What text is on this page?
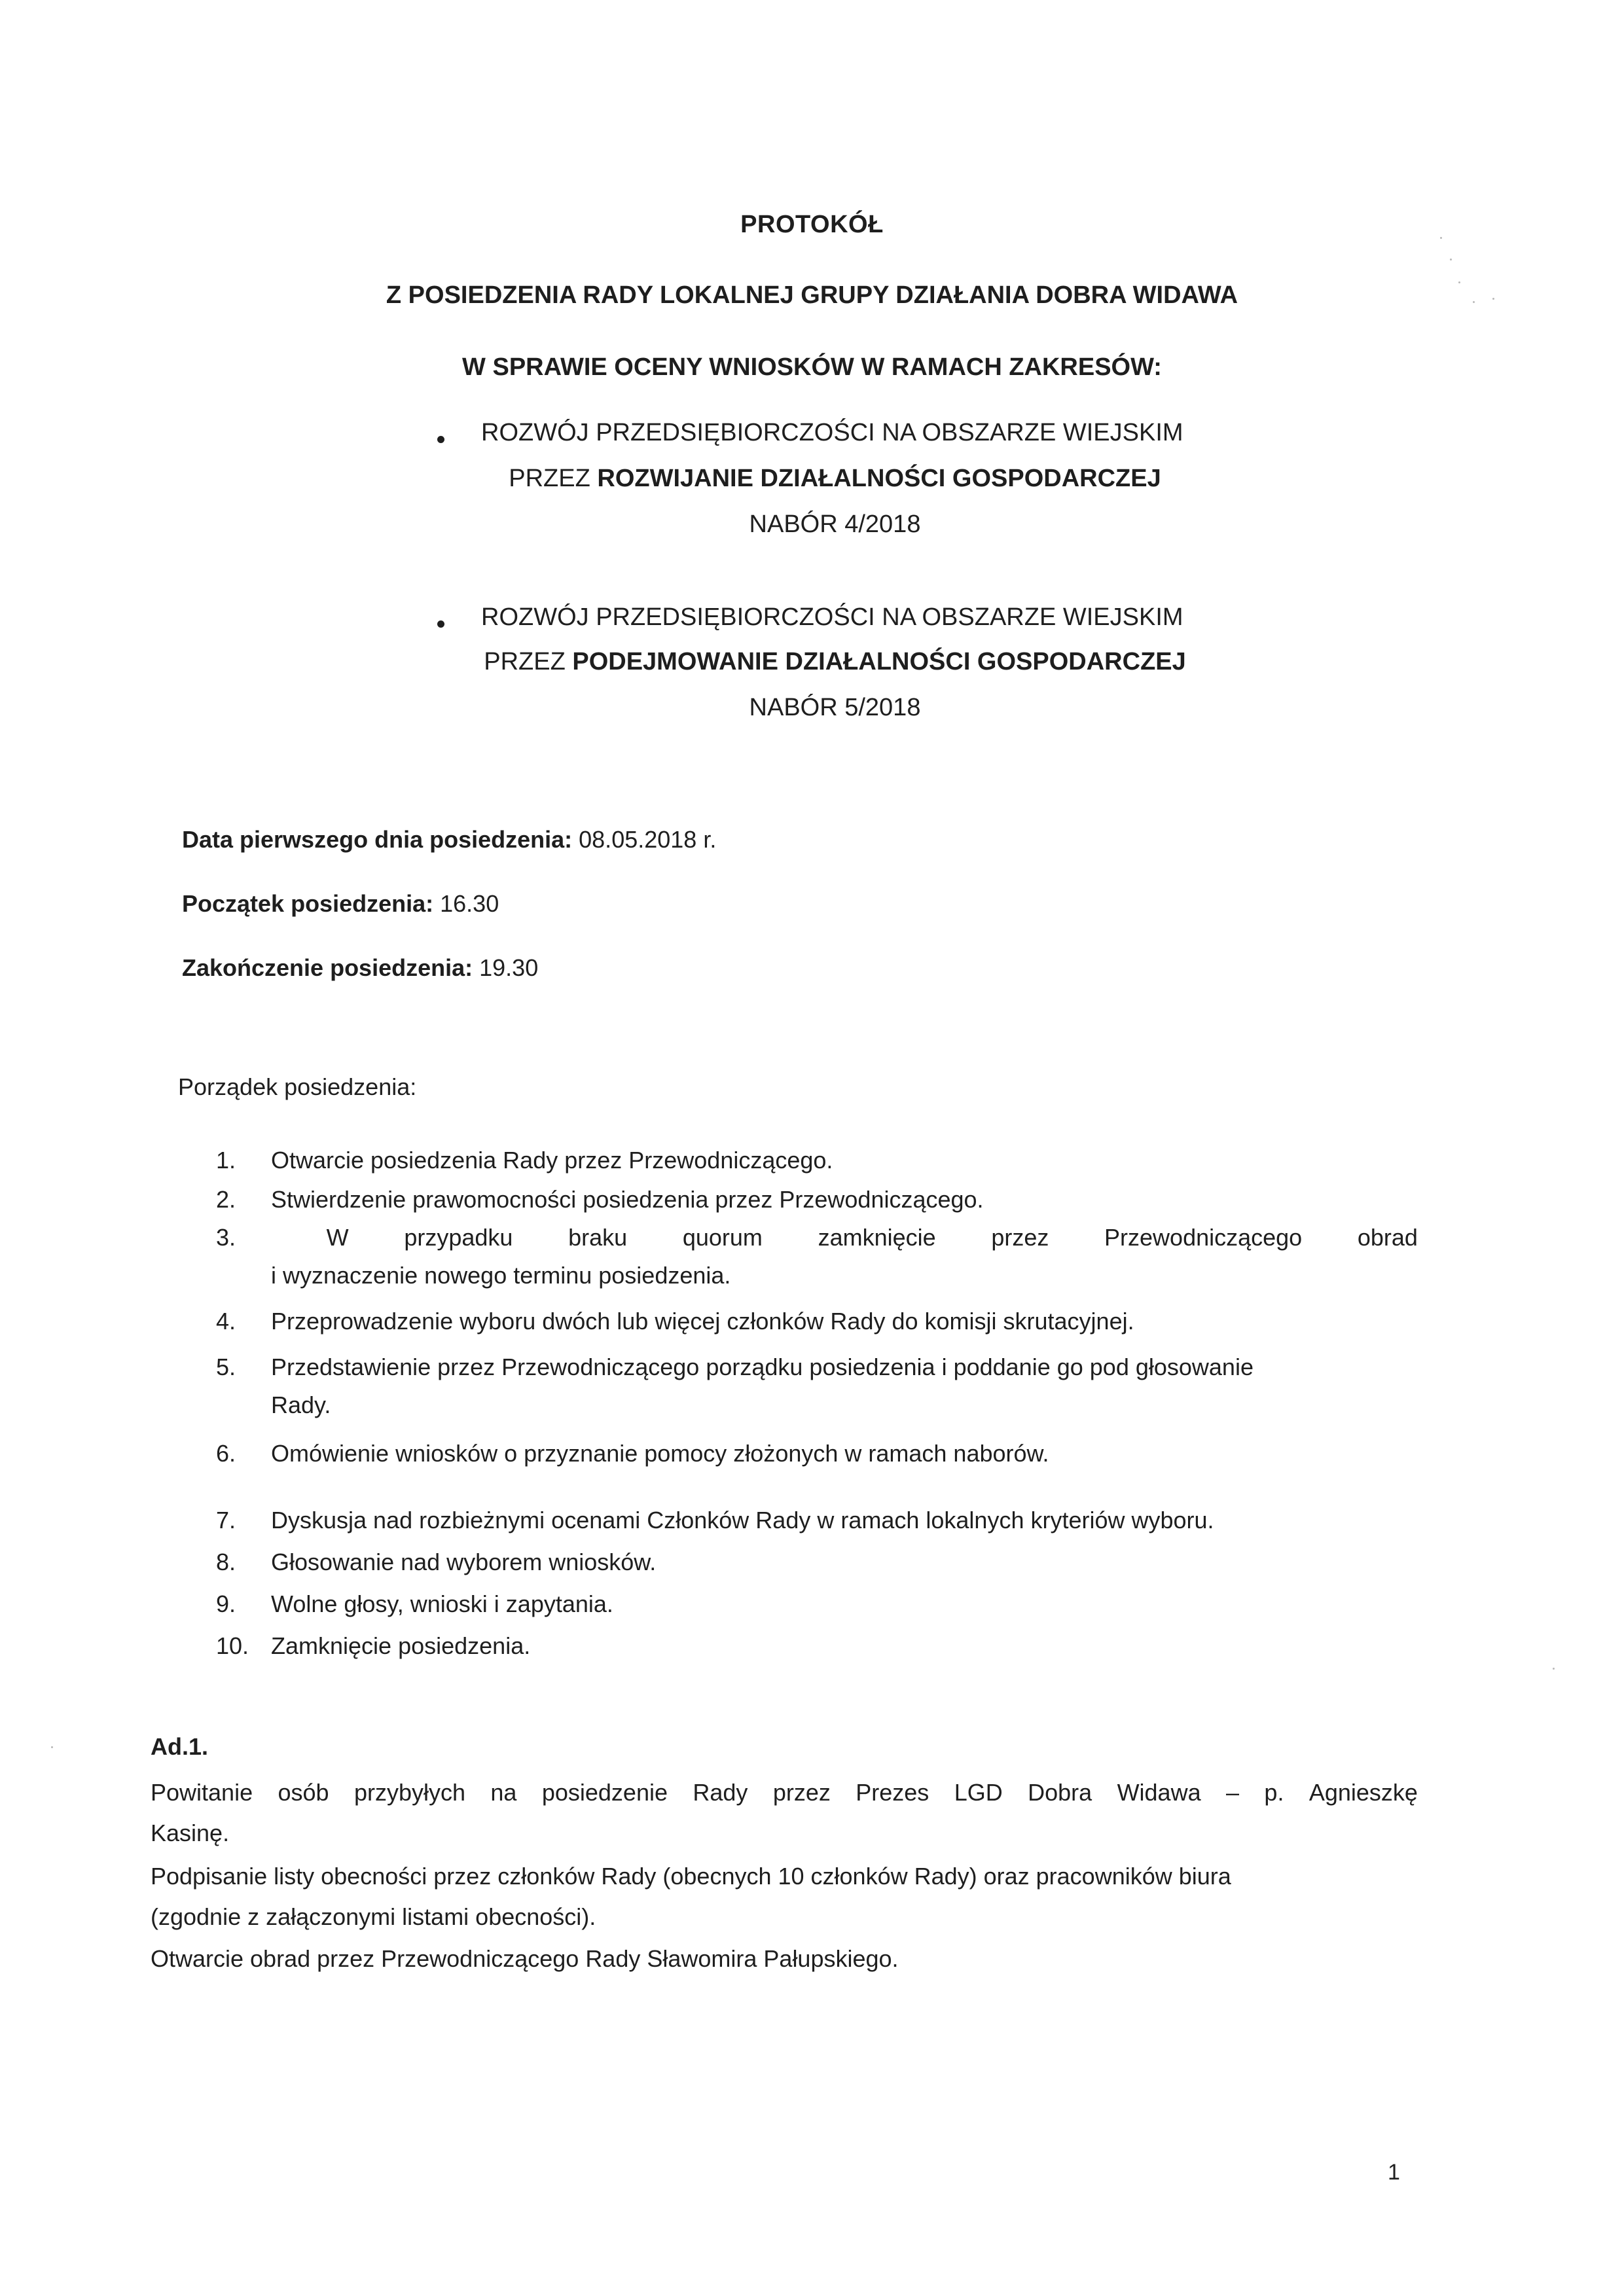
PROTOKÓŁ
Z POSIEDZENIA RADY LOKALNEJ GRUPY DZIAŁANIA DOBRA WIDAWA
W SPRAWIE OCENY WNIOSKÓW W RAMACH ZAKRESÓW:
ROZWÓJ PRZEDSIĘBIORCZOŚCI NA OBSZARZE WIEJSKIM
PRZEZ ROZWIJANIE DZIAŁALNOŚCI GOSPODARCZEJ
NABÓR 4/2018
ROZWÓJ PRZEDSIĘBIORCZOŚCI NA OBSZARZE WIEJSKIM
PRZEZ PODEJMOWANIE DZIAŁALNOŚCI GOSPODARCZEJ
NABÓR 5/2018
Data pierwszego dnia posiedzenia: 08.05.2018 r.
Początek posiedzenia: 16.30
Zakończenie posiedzenia: 19.30
Porządek posiedzenia:
1. Otwarcie posiedzenia Rady przez Przewodniczącego.
2. Stwierdzenie prawomocności posiedzenia przez Przewodniczącego.
3.	W przypadku braku quorum zamknięcie przez Przewodniczącego obrad
i wyznaczenie nowego terminu posiedzenia.
4. Przeprowadzenie wyboru dwóch lub więcej członków Rady do komisji skrutacyjnej.
5. Przedstawienie przez Przewodniczącego porządku posiedzenia i poddanie go pod głosowanie
Rady.
6. Omówienie wniosków o przyznanie pomocy złożonych w ramach naborów.
7. Dyskusja nad rozbieżnymi ocenami Członków Rady w ramach lokalnych kryteriów wyboru.
8. Głosowanie nad wyborem wniosków.
9. Wolne głosy, wnioski i zapytania.
10. Zamknięcie posiedzenia.
Ad.1.
Powitanie osób przybyłych na posiedzenie Rady przez Prezes LGD Dobra Widawa – p. Agnieszkę
Kasinę.
Podpisanie listy obecności przez członków Rady (obecnych 10 członków Rady) oraz pracowników biura
(zgodnie z załączonymi listami obecności).
Otwarcie obrad przez Przewodniczącego Rady Sławomira Pałupskiego.
1
